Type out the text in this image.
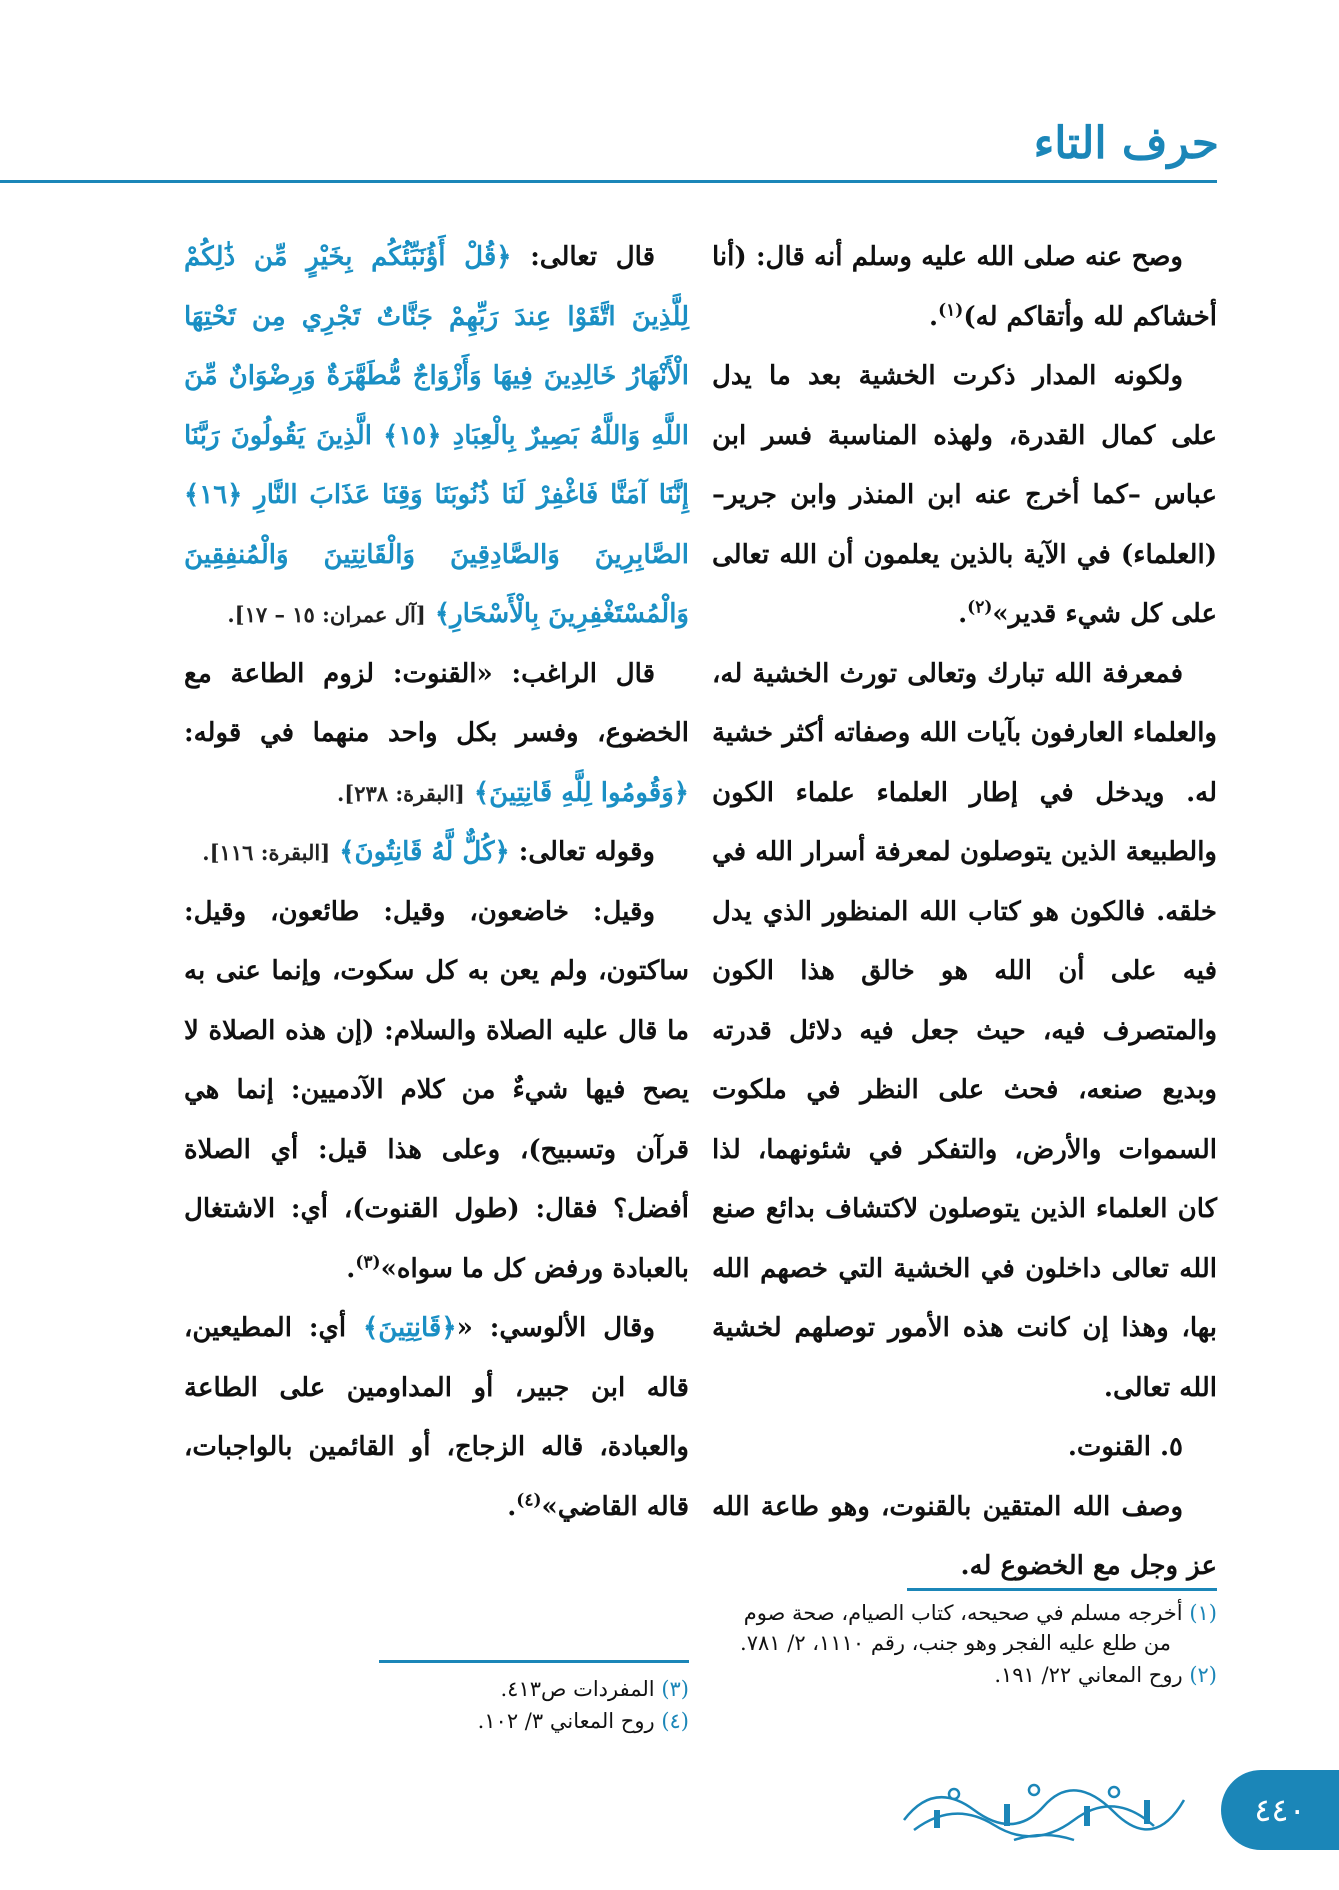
حرف التاء

وصح عنه صلى الله عليه وسلم أنه قال: (أنا أخشاكم لله وأتقاكم له)$^{(١)}$.

ولكونه المدار ذكرت الخشية بعد ما يدل على كمال القدرة، ولهذه المناسبة فسر ابن عباس –كما أخرج عنه ابن المنذر وابن جرير– (العلماء) في الآية بالذين يعلمون أن الله تعالى على كل شيء قدير»$^{(٢)}$.

فمعرفة الله تبارك وتعالى تورث الخشية له، والعلماء العارفون بآيات الله وصفاته أكثر خشية له. ويدخل في إطار العلماء علماء الكون والطبيعة الذين يتوصلون لمعرفة أسرار الله في خلقه. فالكون هو كتاب الله المنظور الذي يدل فيه على أن الله هو خالق هذا الكون والمتصرف فيه، حيث جعل فيه دلائل قدرته وبديع صنعه، فحث على النظر في ملكوت السموات والأرض، والتفكر في شئونهما، لذا كان العلماء الذين يتوصلون لاكتشاف بدائع صنع الله تعالى داخلون في الخشية التي خصهم الله بها، وهذا إن كانت هذه الأمور توصلهم لخشية الله تعالى.

٥. القنوت.

وصف الله المتقين بالقنوت، وهو طاعة الله عز وجل مع الخضوع له.

قال تعالى: ﴿قُلْ أَؤُنَبِّئُكُم بِخَيْرٍ مِّن ذَٰلِكُمْ لِلَّذِينَ اتَّقَوْا عِندَ رَبِّهِمْ جَنَّاتٌ تَجْرِي مِن تَحْتِهَا الْأَنْهَارُ خَالِدِينَ فِيهَا وَأَزْوَاجٌ مُّطَهَّرَةٌ وَرِضْوَانٌ مِّنَ اللَّهِ وَاللَّهُ بَصِيرٌ بِالْعِبَادِ ﴿١٥﴾ الَّذِينَ يَقُولُونَ رَبَّنَا إِنَّنَا آمَنَّا فَاغْفِرْ لَنَا ذُنُوبَنَا وَقِنَا عَذَابَ النَّارِ ﴿١٦﴾ الصَّابِرِينَ وَالصَّادِقِينَ وَالْقَانِتِينَ وَالْمُنفِقِينَ وَالْمُسْتَغْفِرِينَ بِالْأَسْحَارِ﴾ [آل عمران: ١٥ – ١٧].

قال الراغب: «القنوت: لزوم الطاعة مع الخضوع، وفسر بكل واحد منهما في قوله: ﴿وَقُومُوا لِلَّهِ قَانِتِينَ﴾ [البقرة: ٢٣٨].

وقوله تعالى: ﴿كُلٌّ لَّهُ قَانِتُونَ﴾ [البقرة: ١١٦].

وقيل: خاضعون، وقيل: طائعون، وقيل: ساكتون، ولم يعن به كل سكوت، وإنما عنى به ما قال عليه الصلاة والسلام: (إن هذه الصلاة لا يصح فيها شيءٌ من كلام الآدميين: إنما هي قرآن وتسبيح)، وعلى هذا قيل: أي الصلاة أفضل؟ فقال: (طول القنوت)، أي: الاشتغال بالعبادة ورفض كل ما سواه»$^{(٣)}$.

وقال الألوسي: «﴿قَانِتِينَ﴾ أي: المطيعين، قاله ابن جبير، أو المداومين على الطاعة والعبادة، قاله الزجاج، أو القائمين بالواجبات، قاله القاضي»$^{(٤)}$.

(١) أخرجه مسلم في صحيحه، كتاب الصيام، صحة صوم من طلع عليه الفجر وهو جنب، رقم ١١١٠، ٢/ ٧٨١.

(٢) روح المعاني ٢٢/ ١٩١.

(٣) المفردات ص٤١٣.

(٤) روح المعاني ٣/ ١٠٢.

٤٤٠
